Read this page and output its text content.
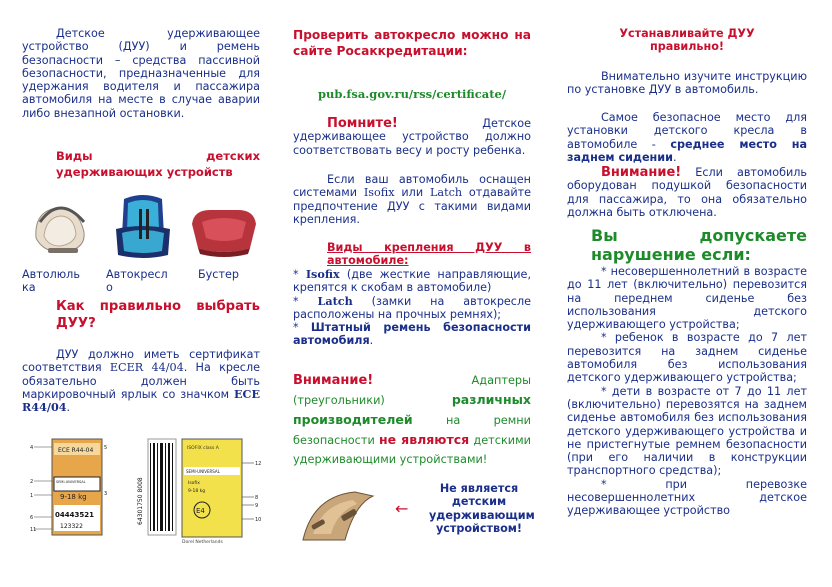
Детское удерживающее устройство (ДУУ) и ремень безопасности – средства пассивной безопасности, предназначенные для удержания водителя и пассажира автомобиля на месте в случае аварии либо внезапной остановки.

Виды детских удерживающих устройств

Автолюлька
Автокресло
Бустер

Как правильно выбрать ДУУ?

ДУУ должно иметь сертификат соответствия ECER 44/04. На кресле обязательно должен быть маркировочный ярлык со значком ECE R44/04.

ECE R44-04
SEMI-UNIVERSAL
9-18 kg
04443521
123322
4
2
1
6
11
5
3	64301750 8008
ISOFIX class A
SEMI-UNIVERSAL
Isofix
9-18 kg
E4
Dorel Netherlands
12
8
9
10

Проверить автокресло можно на сайте Росаккредитации:

pub.fsa.gov.ru/rss/certificate/

Помните! Детское удерживающее устройство должно соответствовать весу и росту ребенка.

Если ваш автомобиль оснащен системами Isofix или Latch отдавайте предпочтение ДУУ с такими видами крепления.

Виды крепления ДУУ в автомобиле:

* Isofix (две жесткие направляющие, крепятся к скобам в автомобиле)

* Latch (замки на автокресле расположены на прочных ремнях);

* Штатный ремень безопасности автомобиля.

Внимание! Адаптеры (треугольники) различных производителей на ремни безопасности не являются детскими удерживающими устройствами!

←

Не является детским удерживающим устройством!

Устанавливайте ДУУ правильно!

Внимательно изучите инструкцию по установке ДУУ в автомобиль.

Самое безопасное место для установки детского кресла в автомобиле - среднее место на заднем сидении.

Внимание! Если автомобиль оборудован подушкой безопасности для пассажира, то она обязательно должна быть отключена.

Вы допускаете нарушение если:

* несовершеннолетний в возрасте до 11 лет (включительно) перевозится на переднем сиденье без использования детского удерживающего устройства;

* ребенок в возрасте до 7 лет перевозится на заднем сиденье автомобиля без использования детского удерживающего устройства;

* дети в возрасте от 7 до 11 лет (включительно) перевозятся на заднем сиденье автомобиля без использования детского удерживающего устройства и не пристегнутые ремнем безопасности (при его наличии в конструкции транспортного средства);

* при перевозке несовершеннолетних детское удерживающее устройство
